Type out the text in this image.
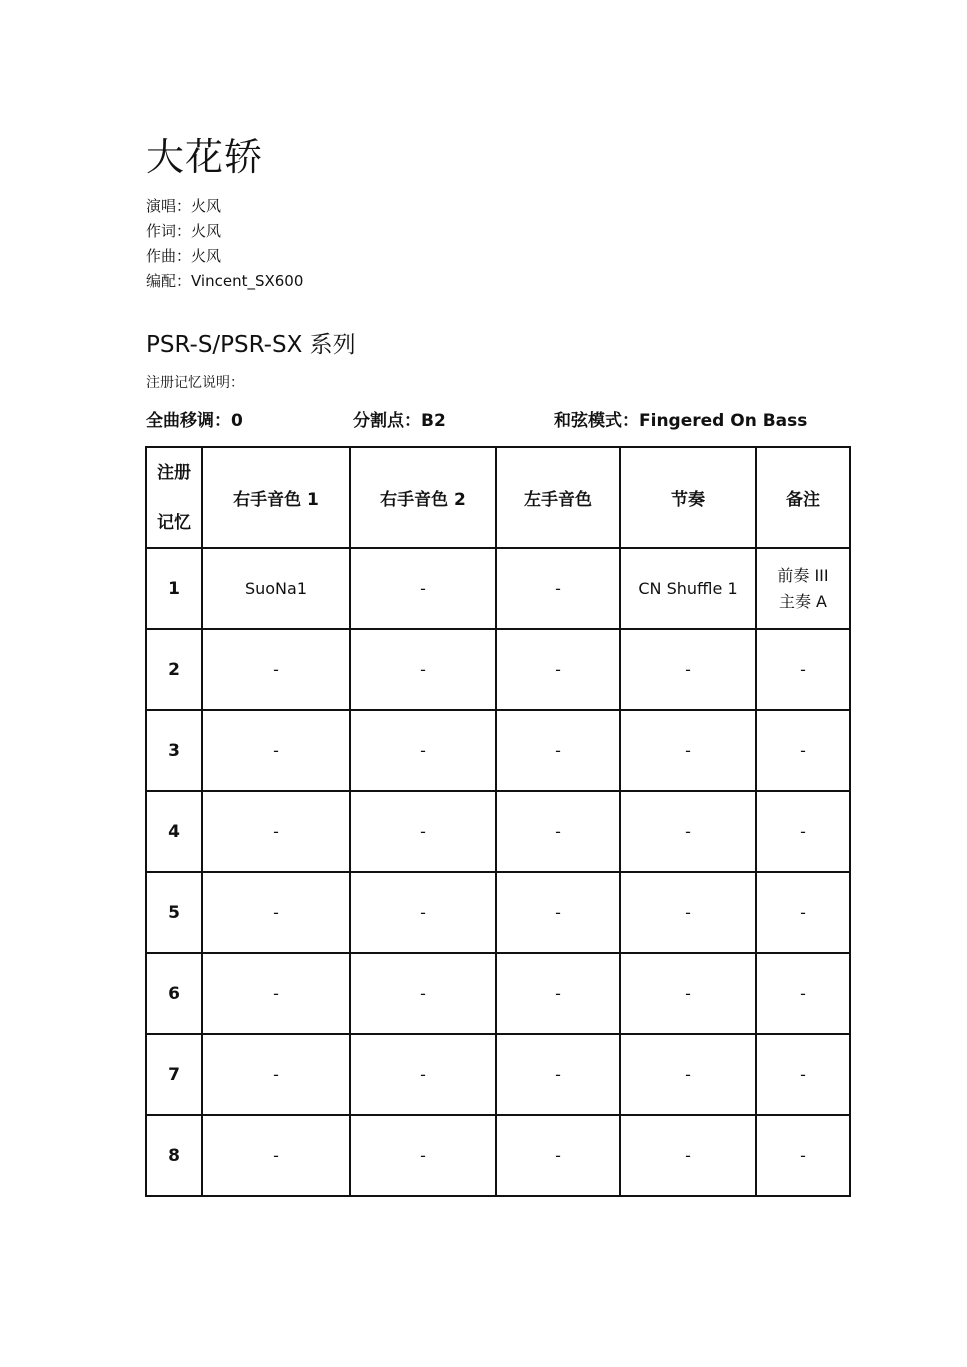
大花轿
演唱：火风
作词：火风
作曲：火风
编配：Vincent_SX600
PSR-S/PSR-SX 系列
注册记忆说明：
全曲移调：0	分割点：B2	和弦模式：Fingered On Bass
注册
记忆	右手音色 1	右手音色 2	左手音色	节奏	备注
1	SuoNa1	-	-	CN Shuffle 1	前奏 III
主奏 A

2	-	-	-	-	-
3	-	-	-	-	-
4	-	-	-	-	-
5	-	-	-	-	-
6	-	-	-	-	-
7	-	-	-	-	-
8	-	-	-	-	-
